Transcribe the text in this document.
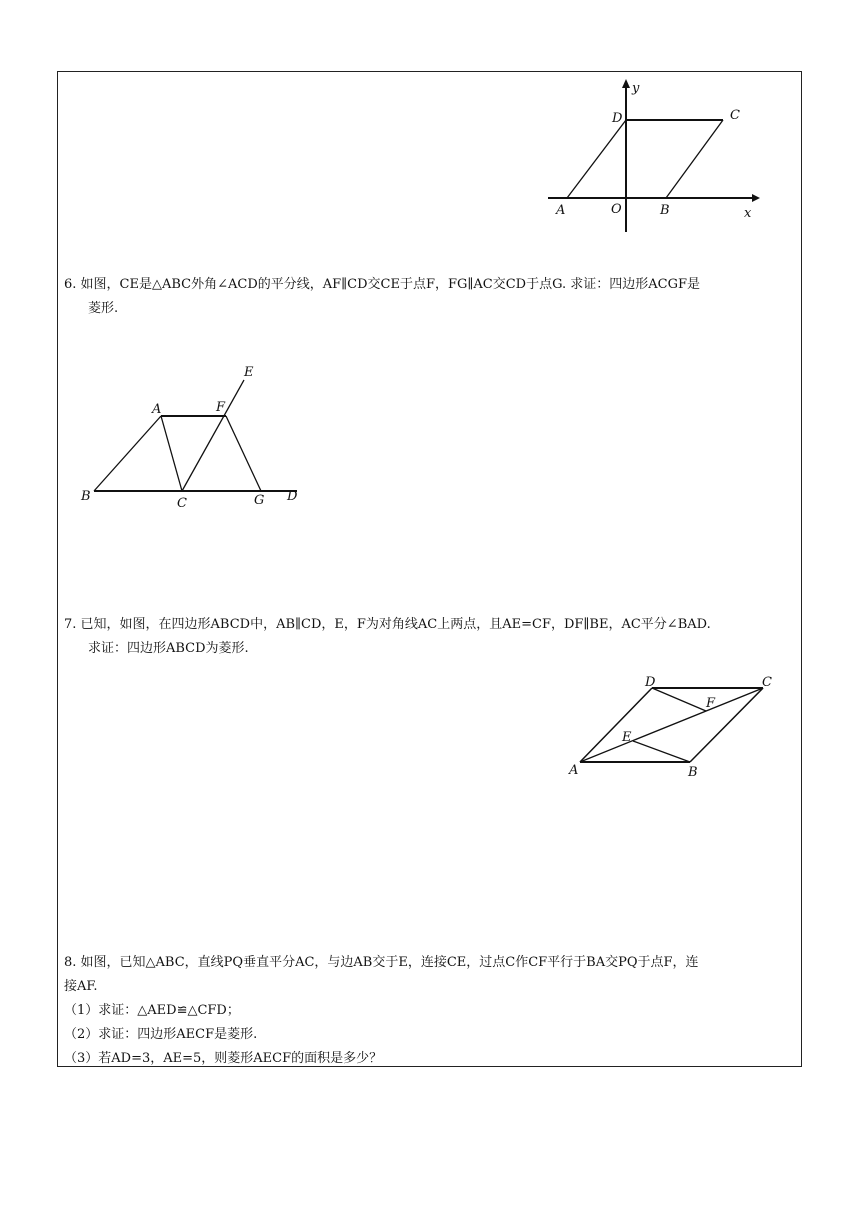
y
D	C
A	O	B	x
6. 如图，CE是△ABC外角∠ACD的平分线，AF∥CD交CE于点F，FG∥AC交CD于点G. 求证：四边形ACGF是
菱形.
E
A	F
B	C	G D
7. 已知，如图，在四边形ABCD中，AB∥CD，E，F为对角线AC上两点，且AE=CF，DF∥BE，AC平分∠BAD.
求证：四边形ABCD为菱形.
D	C
F
E
A	B
8. 如图，已知△ABC，直线PQ垂直平分AC，与边AB交于E，连接CE，过点C作CF平行于BA交PQ于点F，连
接AF.
（1）求证：△AED≌△CFD；
（2）求证：四边形AECF是菱形.
（3）若AD=3，AE=5，则菱形AECF的面积是多少？
